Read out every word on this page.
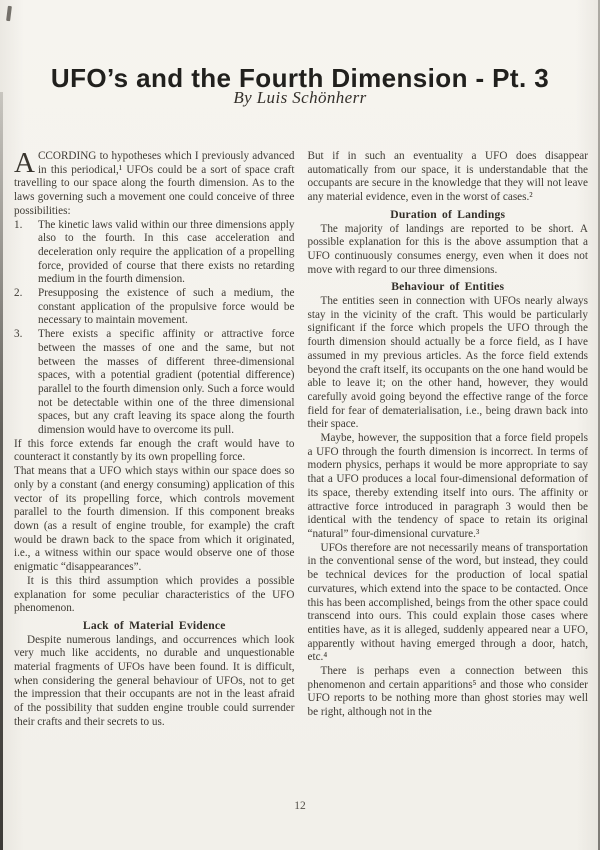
UFO’s and the Fourth Dimension - Pt. 3
By Luis Schönherr

ACCORDING to hypotheses which I previously advanced in this periodical,¹ UFOs could be a sort of space craft travelling to our space along the fourth dimension. As to the laws governing such a movement one could conceive of three possibilities:

1.	The kinetic laws valid within our three dimensions apply also to the fourth. In this case acceleration and deceleration only require the application of a propelling force, provided of course that there exists no retarding medium in the fourth dimension.
2.	Presupposing the existence of such a medium, the constant application of the propulsive force would be necessary to maintain movement.
3.	There exists a specific affinity or attractive force between the masses of one and the same, but not between the masses of different three-dimensional spaces, with a potential gradient (potential difference) parallel to the fourth dimension only. Such a force would not be detectable within one of the three dimensional spaces, but any craft leaving its space along the fourth dimension would have to overcome its pull.

If this force extends far enough the craft would have to counteract it constantly by its own propelling force.

That means that a UFO which stays within our space does so only by a constant (and energy consuming) application of this vector of its propelling force, which controls movement parallel to the fourth dimension. If this component breaks down (as a result of engine trouble, for example) the craft would be drawn back to the space from which it originated, i.e., a witness within our space would observe one of those enigmatic “disappearances”.

It is this third assumption which provides a possible explanation for some peculiar characteristics of the UFO phenomenon.

Lack of Material Evidence

Despite numerous landings, and occurrences which look very much like accidents, no durable and unquestionable material fragments of UFOs have been found. It is difficult, when considering the general behaviour of UFOs, not to get the impression that their occupants are not in the least afraid of the possibility that sudden engine trouble could surrender their crafts and their secrets to us.

But if in such an eventuality a UFO does disappear automatically from our space, it is understandable that the occupants are secure in the knowledge that they will not leave any material evidence, even in the worst of cases.²

Duration of Landings

The majority of landings are reported to be short. A possible explanation for this is the above assumption that a UFO continuously consumes energy, even when it does not move with regard to our three dimensions.

Behaviour of Entities

The entities seen in connection with UFOs nearly always stay in the vicinity of the craft. This would be particularly significant if the force which propels the UFO through the fourth dimension should actually be a force field, as I have assumed in my previous articles. As the force field extends beyond the craft itself, its occupants on the one hand would be able to leave it; on the other hand, however, they would carefully avoid going beyond the effective range of the force field for fear of dematerialisation, i.e., being drawn back into their space.

Maybe, however, the supposition that a force field propels a UFO through the fourth dimension is incorrect. In terms of modern physics, perhaps it would be more appropriate to say that a UFO produces a local four-dimensional deformation of its space, thereby extending itself into ours. The affinity or attractive force introduced in paragraph 3 would then be identical with the tendency of space to retain its original “natural” four-dimensional curvature.³

UFOs therefore are not necessarily means of transportation in the conventional sense of the word, but instead, they could be technical devices for the production of local spatial curvatures, which extend into the space to be contacted. Once this has been accomplished, beings from the other space could transcend into ours. This could explain those cases where entities have, as it is alleged, suddenly appeared near a UFO, apparently without having emerged through a door, hatch, etc.⁴

There is perhaps even a connection between this phenomenon and certain apparitions⁵ and those who consider UFO reports to be nothing more than ghost stories may well be right, although not in the

12
